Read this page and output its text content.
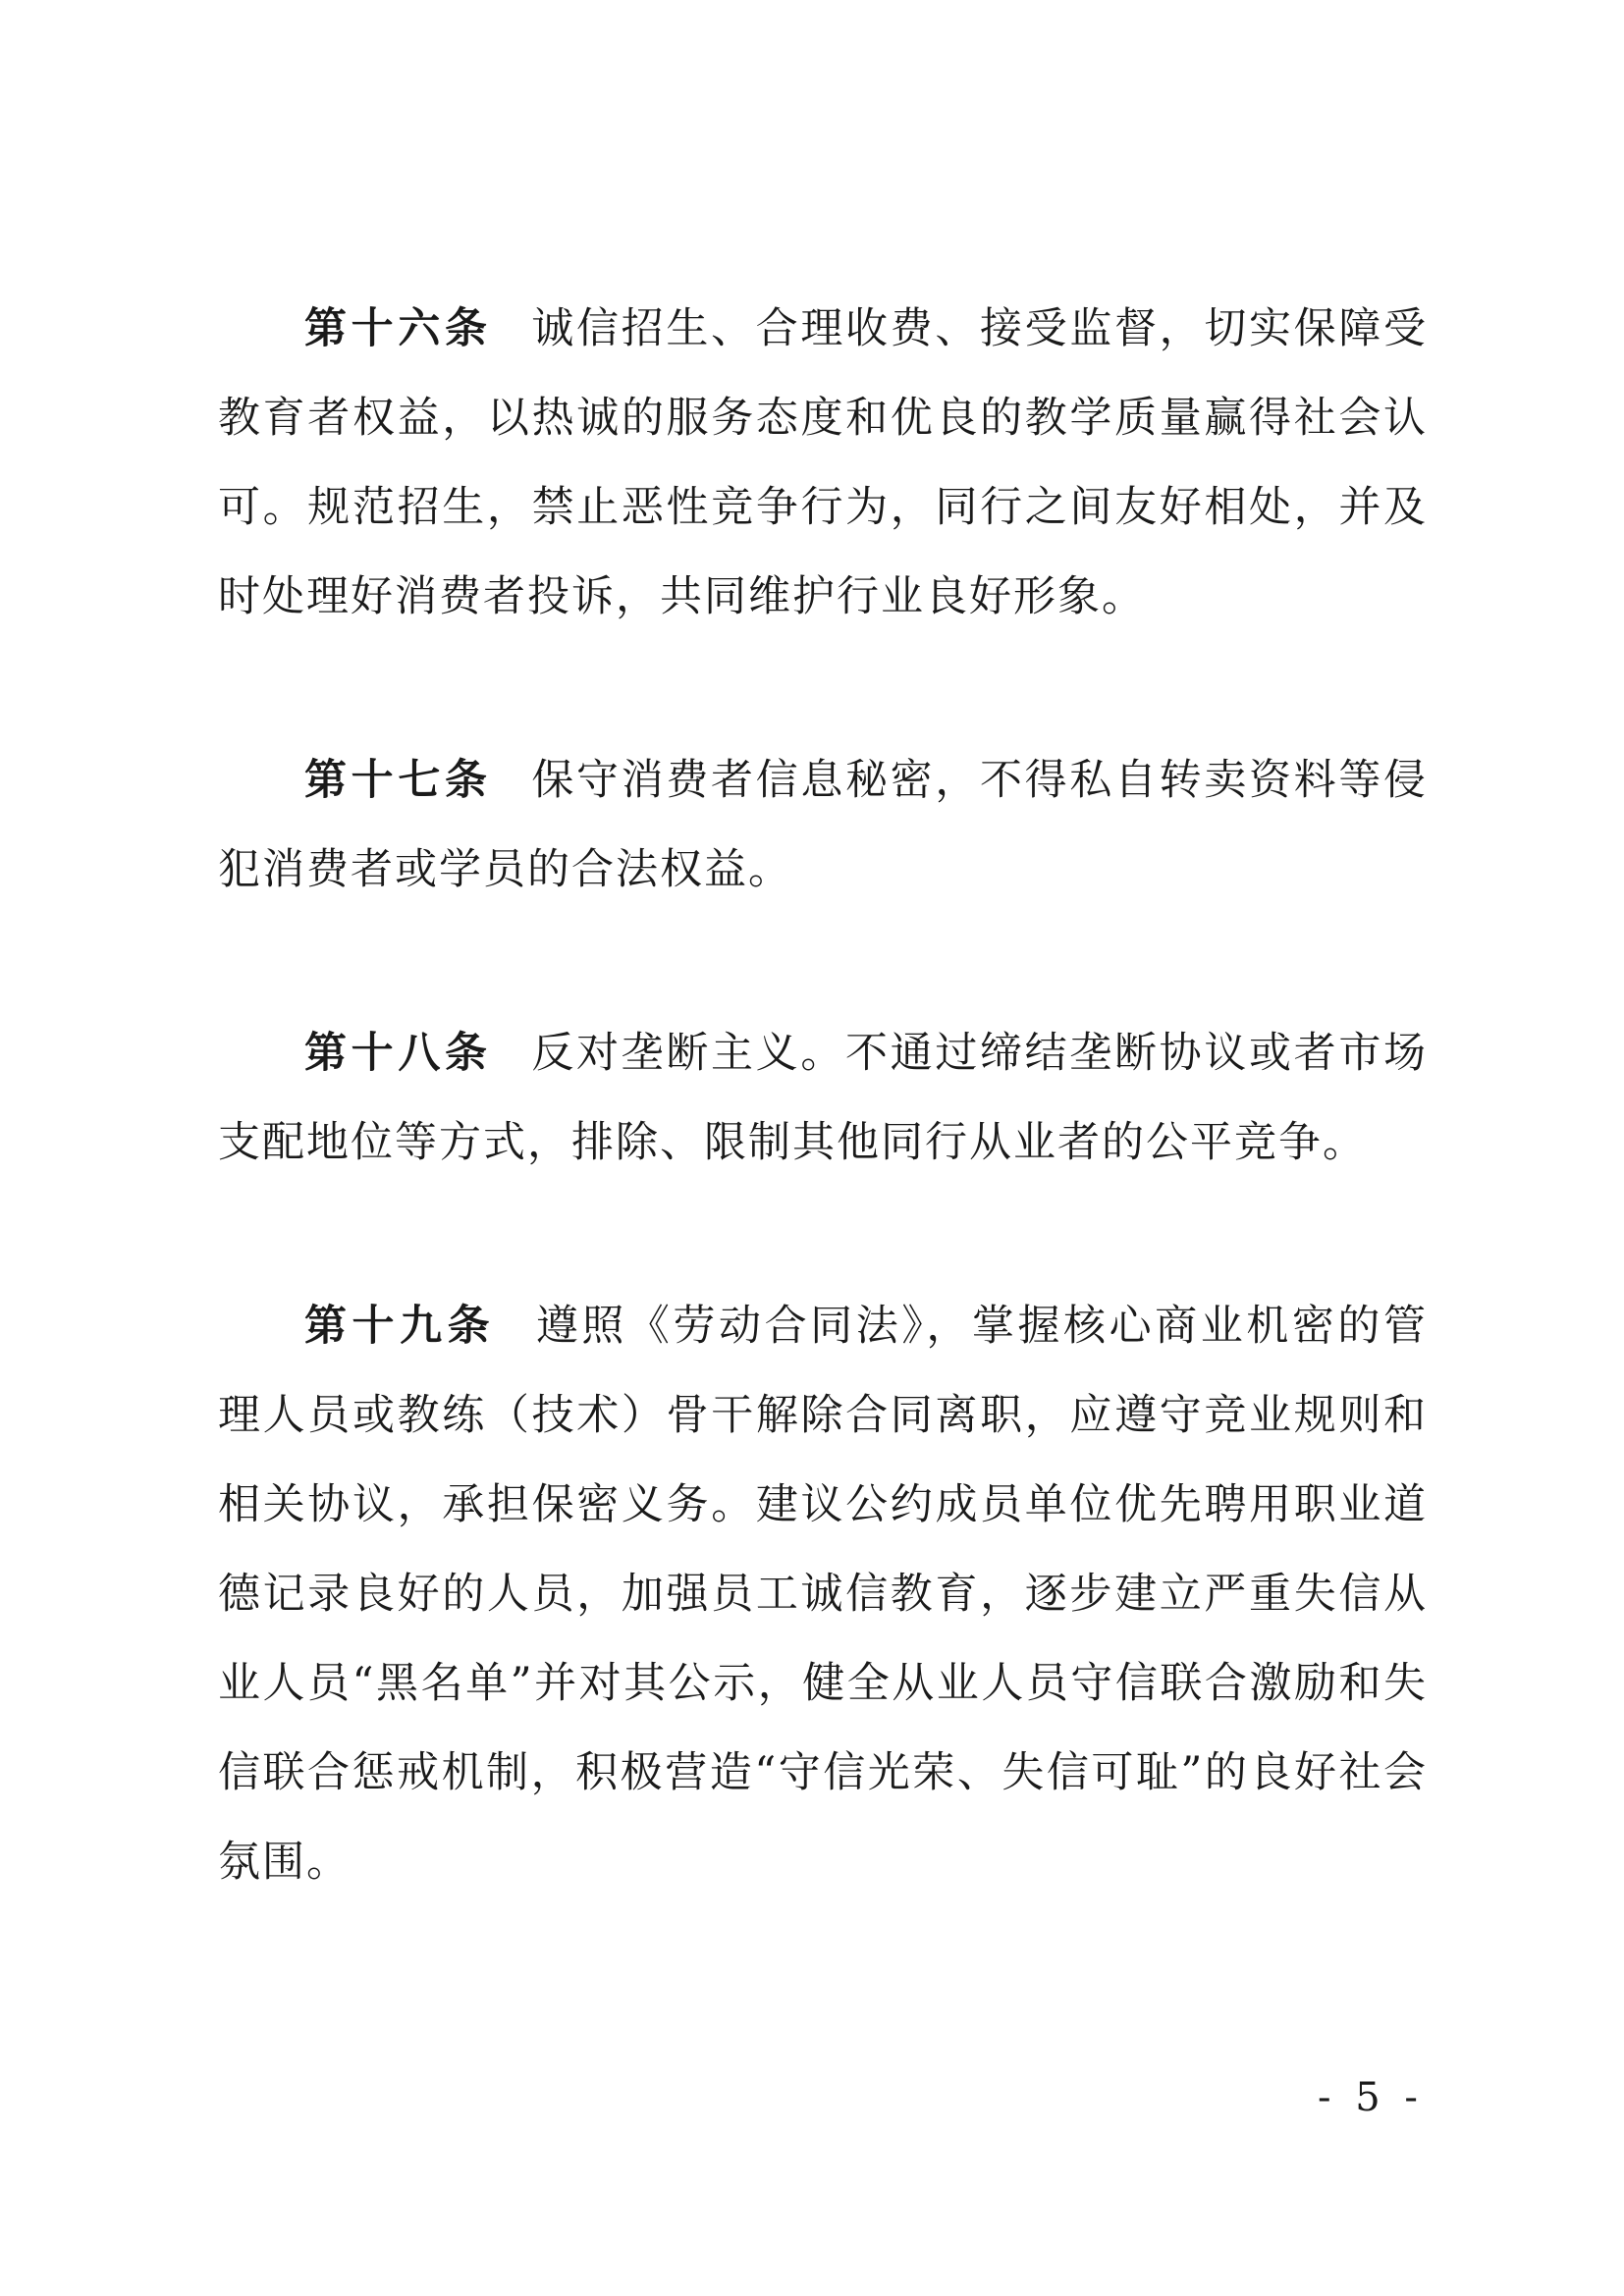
第十六条 诚信招生、合理收费、接受监督，切实保障受教育者权益，以热诚的服务态度和优良的教学质量赢得社会认可。规范招生，禁止恶性竞争行为，同行之间友好相处，并及时处理好消费者投诉，共同维护行业良好形象。

第十七条 保守消费者信息秘密，不得私自转卖资料等侵犯消费者或学员的合法权益。

第十八条 反对垄断主义。不通过缔结垄断协议或者市场支配地位等方式，排除、限制其他同行从业者的公平竞争。

第十九条 遵照《劳动合同法》，掌握核心商业机密的管理人员或教练（技术）骨干解除合同离职，应遵守竞业规则和相关协议，承担保密义务。建议公约成员单位优先聘用职业道德记录良好的人员，加强员工诚信教育，逐步建立严重失信从业人员“黑名单”并对其公示，健全从业人员守信联合激励和失信联合惩戒机制，积极营造“守信光荣、失信可耻”的良好社会氛围。

- 5 -
